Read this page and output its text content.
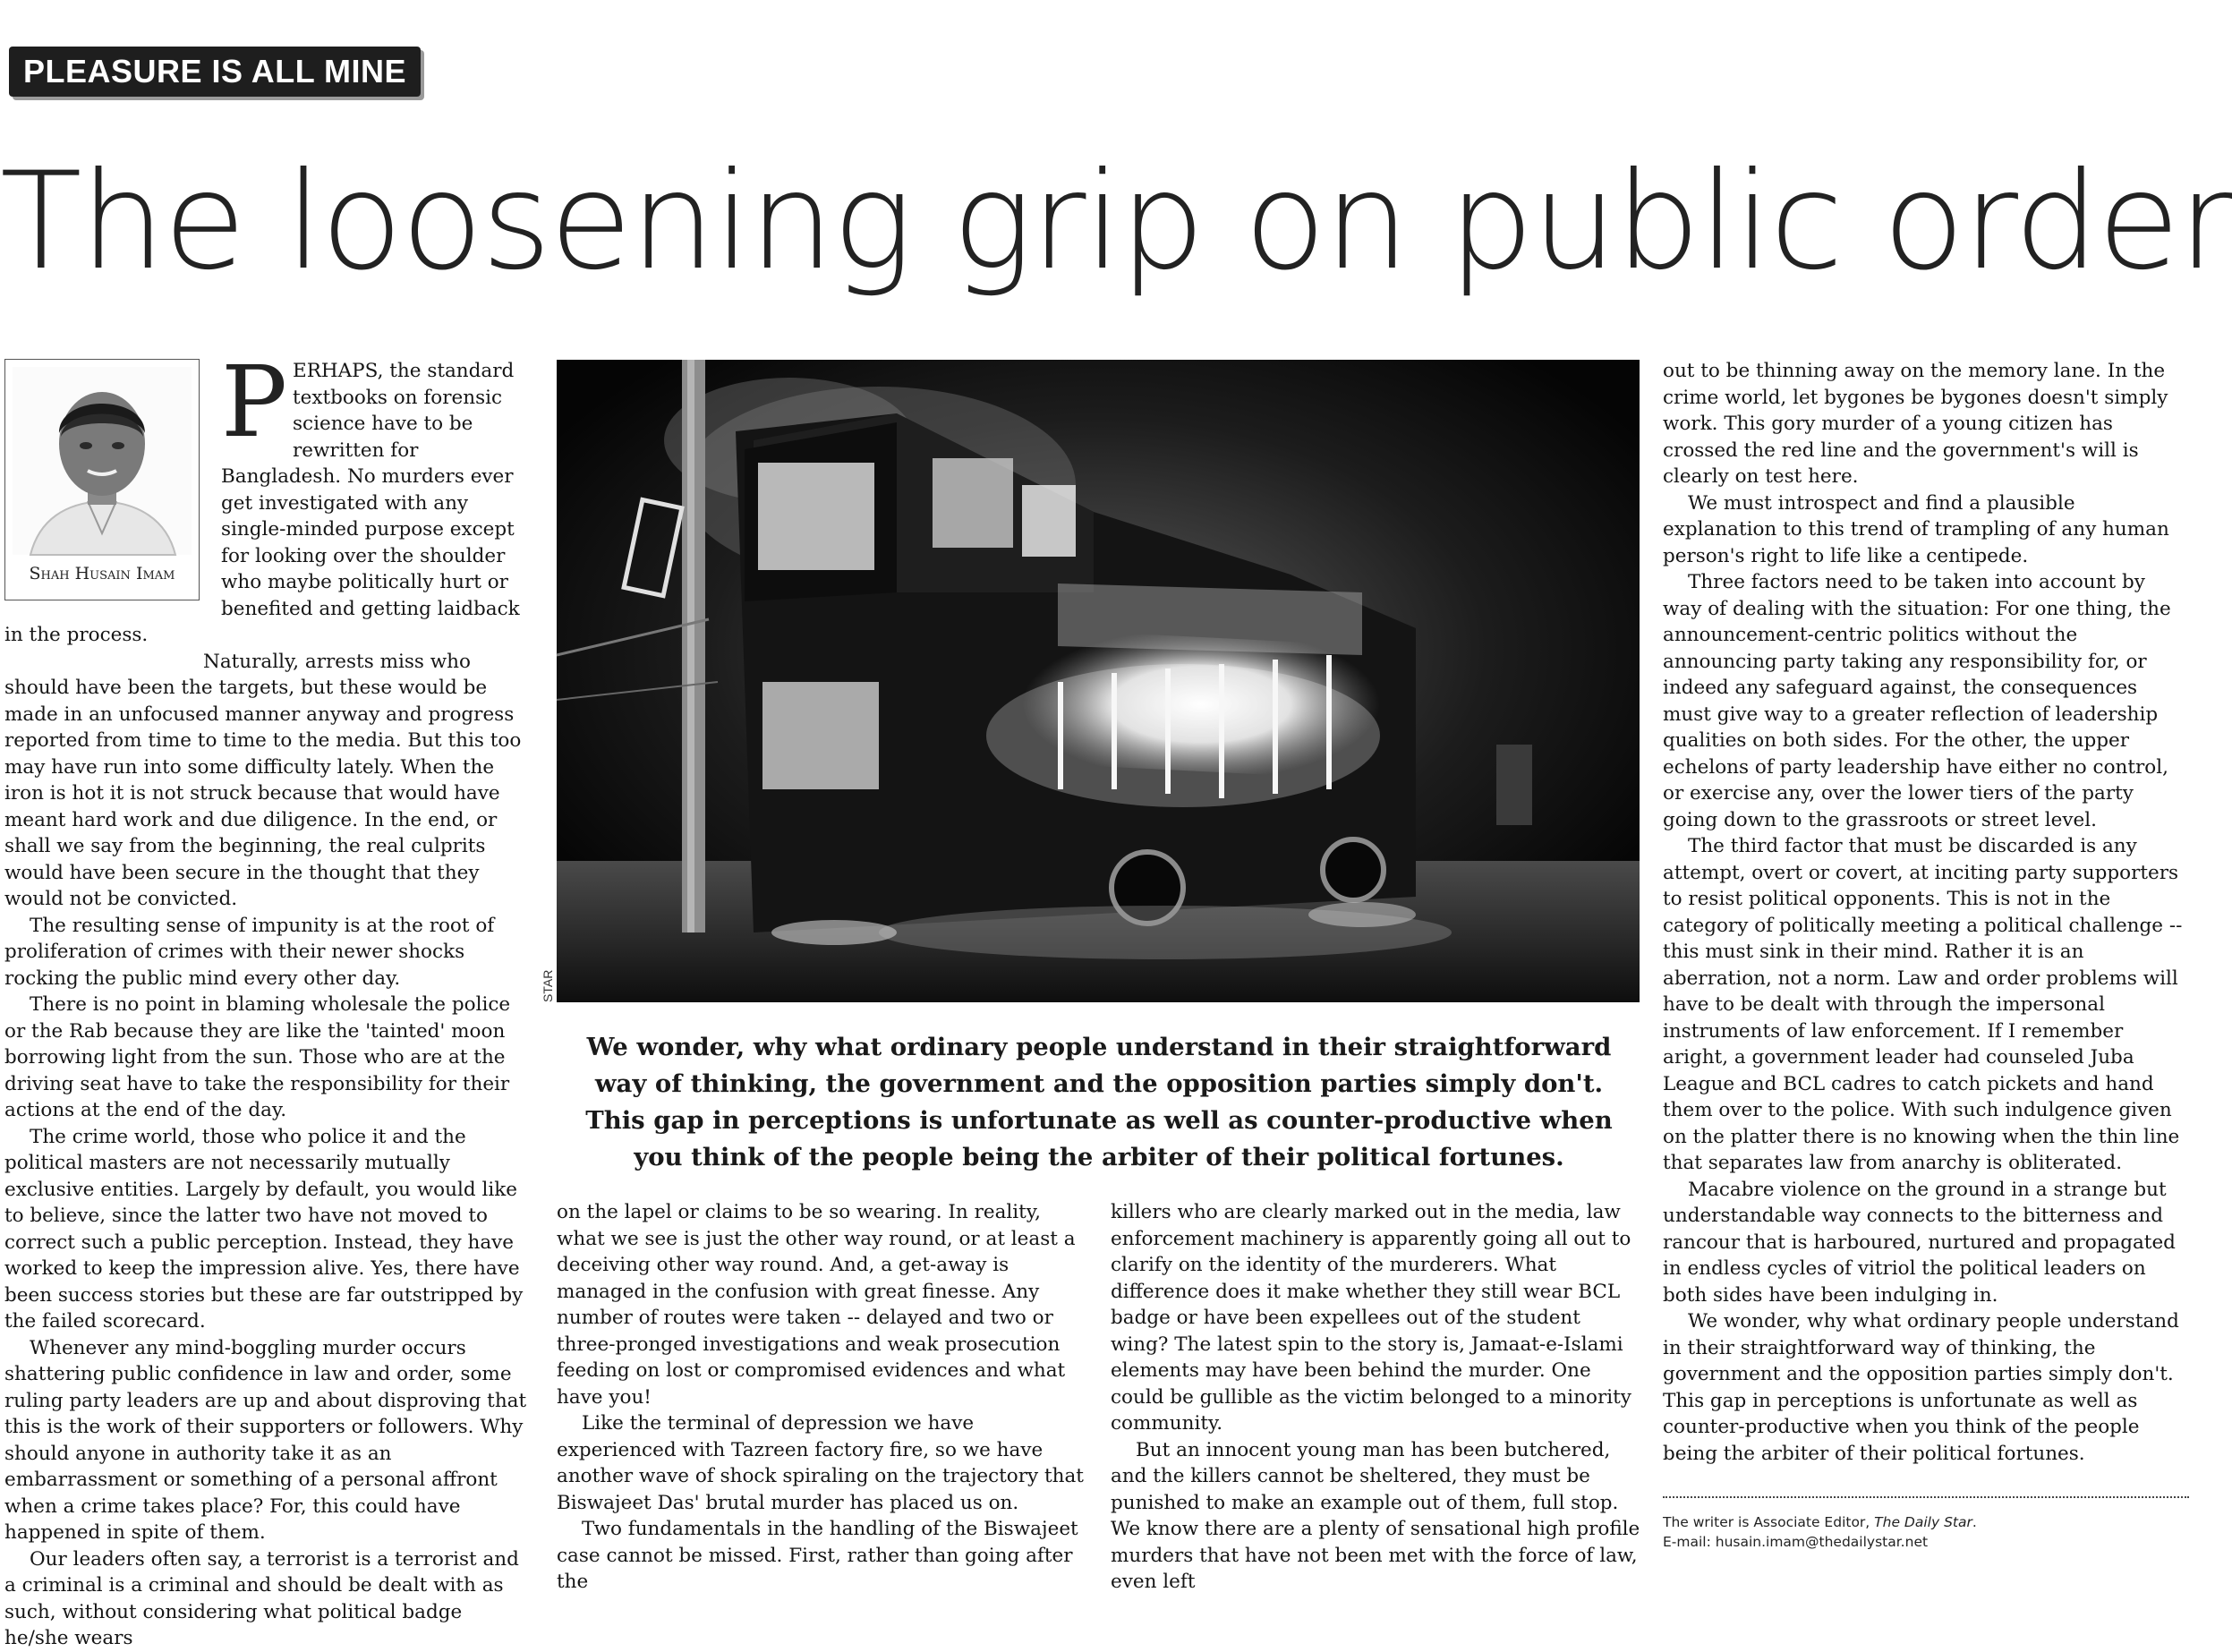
PLEASURE IS ALL MINE
The loosening grip on public order
Shah Husain Imam
P ERHAPS, the standard textbooks on forensic science have to be rewritten for Bangladesh. No murders ever get investigated with any single-minded purpose except for looking over the shoulder who maybe politically hurt or benefited and getting laidback in the process.

Naturally, arrests miss who should have been the targets, but these would be made in an unfocused manner anyway and progress reported from time to time to the media. But this too may have run into some difficulty lately. When the iron is hot it is not struck because that would have meant hard work and due diligence. In the end, or shall we say from the beginning, the real culprits would have been secure in the thought that they would not be convicted.

The resulting sense of impunity is at the root of proliferation of crimes with their newer shocks rocking the public mind every other day.

There is no point in blaming wholesale the police or the Rab because they are like the 'tainted' moon borrowing light from the sun. Those who are at the driving seat have to take the responsibility for their actions at the end of the day.

The crime world, those who police it and the political masters are not necessarily mutually exclusive entities. Largely by default, you would like to believe, since the latter two have not moved to correct such a public perception. Instead, they have worked to keep the impression alive. Yes, there have been success stories but these are far outstripped by the failed scorecard.

Whenever any mind-boggling murder occurs shattering public confidence in law and order, some ruling party leaders are up and about disproving that this is the work of their supporters or followers. Why should anyone in authority take it as an embarrassment or something of a personal affront when a crime takes place? For, this could have happened in spite of them.

Our leaders often say, a terrorist is a terrorist and a criminal is a criminal and should be dealt with as such, without considering what political badge he/she wears

STAR
We wonder, why what ordinary people understand in their straightforward way of thinking, the government and the opposition parties simply don't. This gap in perceptions is unfortunate as well as counter-productive when you think of the people being the arbiter of their political fortunes.

on the lapel or claims to be so wearing. In reality, what we see is just the other way round, or at least a deceiving other way round. And, a get-away is managed in the confusion with great finesse. Any number of routes were taken -- delayed and two or three-pronged investigations and weak prosecution feeding on lost or compromised evidences and what have you!

Like the terminal of depression we have experienced with Tazreen factory fire, so we have another wave of shock spiraling on the trajectory that Biswajeet Das' brutal murder has placed us on.

Two fundamentals in the handling of the Biswajeet case cannot be missed. First, rather than going after the

killers who are clearly marked out in the media, law enforcement machinery is apparently going all out to clarify on the identity of the murderers. What difference does it make whether they still wear BCL badge or have been expellees out of the student wing? The latest spin to the story is, Jamaat-e-Islami elements may have been behind the murder. One could be gullible as the victim belonged to a minority community.

But an innocent young man has been butchered, and the killers cannot be sheltered, they must be punished to make an example out of them, full stop. We know there are a plenty of sensational high profile murders that have not been met with the force of law, even left

out to be thinning away on the memory lane. In the crime world, let bygones be bygones doesn't simply work. This gory murder of a young citizen has crossed the red line and the government's will is clearly on test here.

We must introspect and find a plausible explanation to this trend of trampling of any human person's right to life like a centipede.

Three factors need to be taken into account by way of dealing with the situation: For one thing, the announcement-centric politics without the announcing party taking any responsibility for, or indeed any safeguard against, the consequences must give way to a greater reflection of leadership qualities on both sides. For the other, the upper echelons of party leadership have either no control, or exercise any, over the lower tiers of the party going down to the grassroots or street level.

The third factor that must be discarded is any attempt, overt or covert, at inciting party supporters to resist political opponents. This is not in the category of politically meeting a political challenge -- this must sink in their mind. Rather it is an aberration, not a norm. Law and order problems will have to be dealt with through the impersonal instruments of law enforcement. If I remember aright, a government leader had counseled Juba League and BCL cadres to catch pickets and hand them over to the police. With such indulgence given on the platter there is no knowing when the thin line that separates law from anarchy is obliterated.

Macabre violence on the ground in a strange but understandable way connects to the bitterness and rancour that is harboured, nurtured and propagated in endless cycles of vitriol the political leaders on both sides have been indulging in.

We wonder, why what ordinary people understand in their straightforward way of thinking, the government and the opposition parties simply don't. This gap in perceptions is unfortunate as well as counter-productive when you think of the people being the arbiter of their political fortunes.

The writer is Associate Editor, The Daily Star.
E-mail: husain.imam@thedailystar.net
